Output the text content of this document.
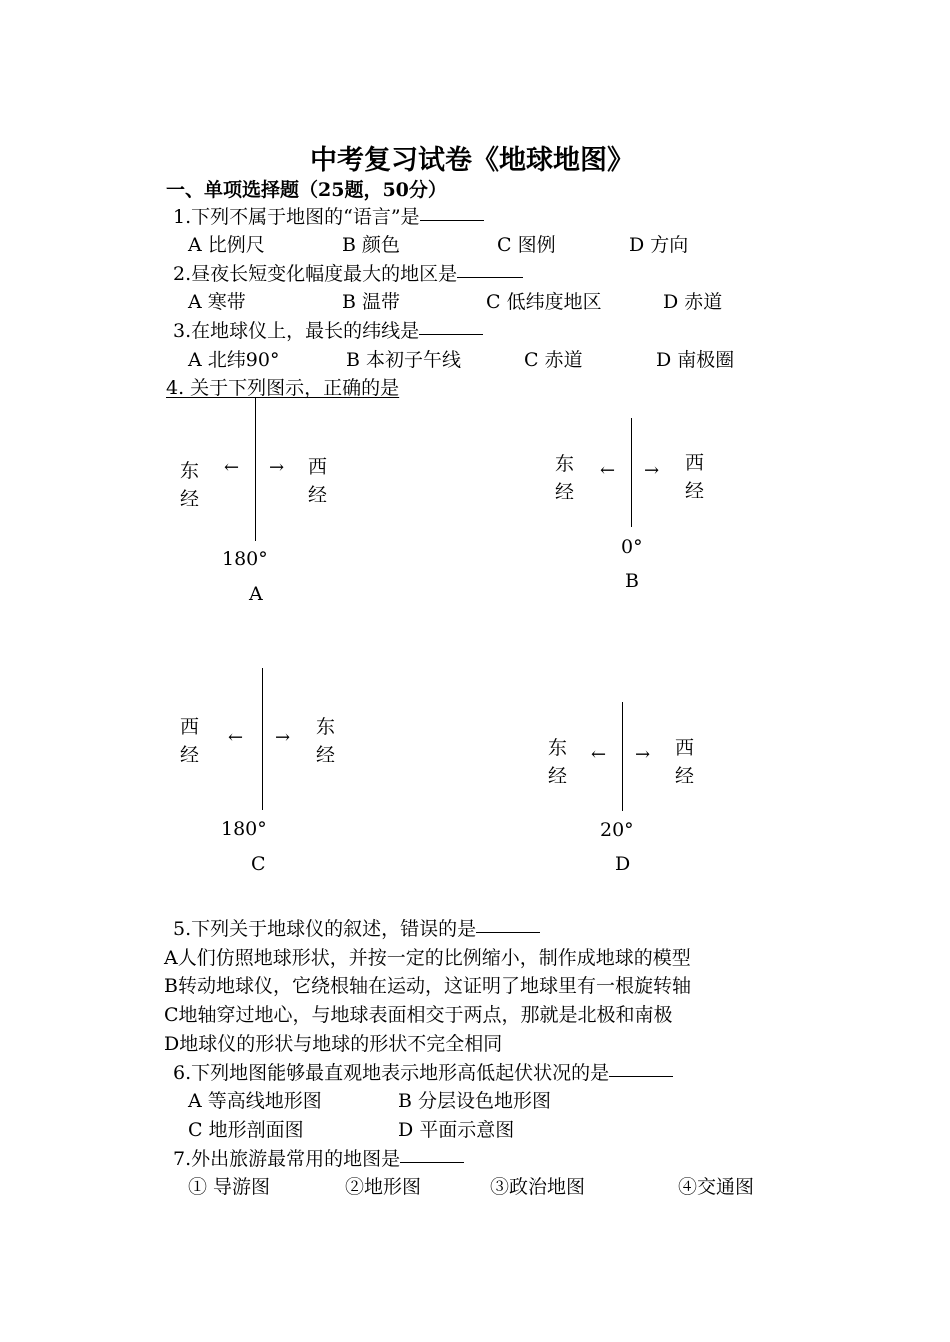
中考复习试卷《地球地图》
一、单项选择题（25题，50分）
1.下列不属于地图的“语言”是
A 比例尺	B 颜色	C 图例	D 方向
2.昼夜长短变化幅度最大的地区是
A 寒带	B 温带	C 低纬度地区	D 赤道
3.在地球仪上，最长的纬线是
A 北纬90°	B 本初子午线	C 赤道	D 南极圈
4. 关于下列图示，正确的是
东
经
← → 西
经
180°
A
东
经
← → 西
经
0°
B
西
经
← → 东
经
180°
C
东
经
← → 西
经
20°
D
5.下列关于地球仪的叙述，错误的是
A人们仿照地球形状，并按一定的比例缩小，制作成地球的模型
B转动地球仪，它绕根轴在运动，这证明了地球里有一根旋转轴
C地轴穿过地心，与地球表面相交于两点，那就是北极和南极
D地球仪的形状与地球的形状不完全相同
6.下列地图能够最直观地表示地形高低起伏状况的是
A 等高线地形图	B 分层设色地形图
C 地形剖面图	D 平面示意图
7.外出旅游最常用的地图是
① 导游图	②地形图	③政治地图	④交通图
